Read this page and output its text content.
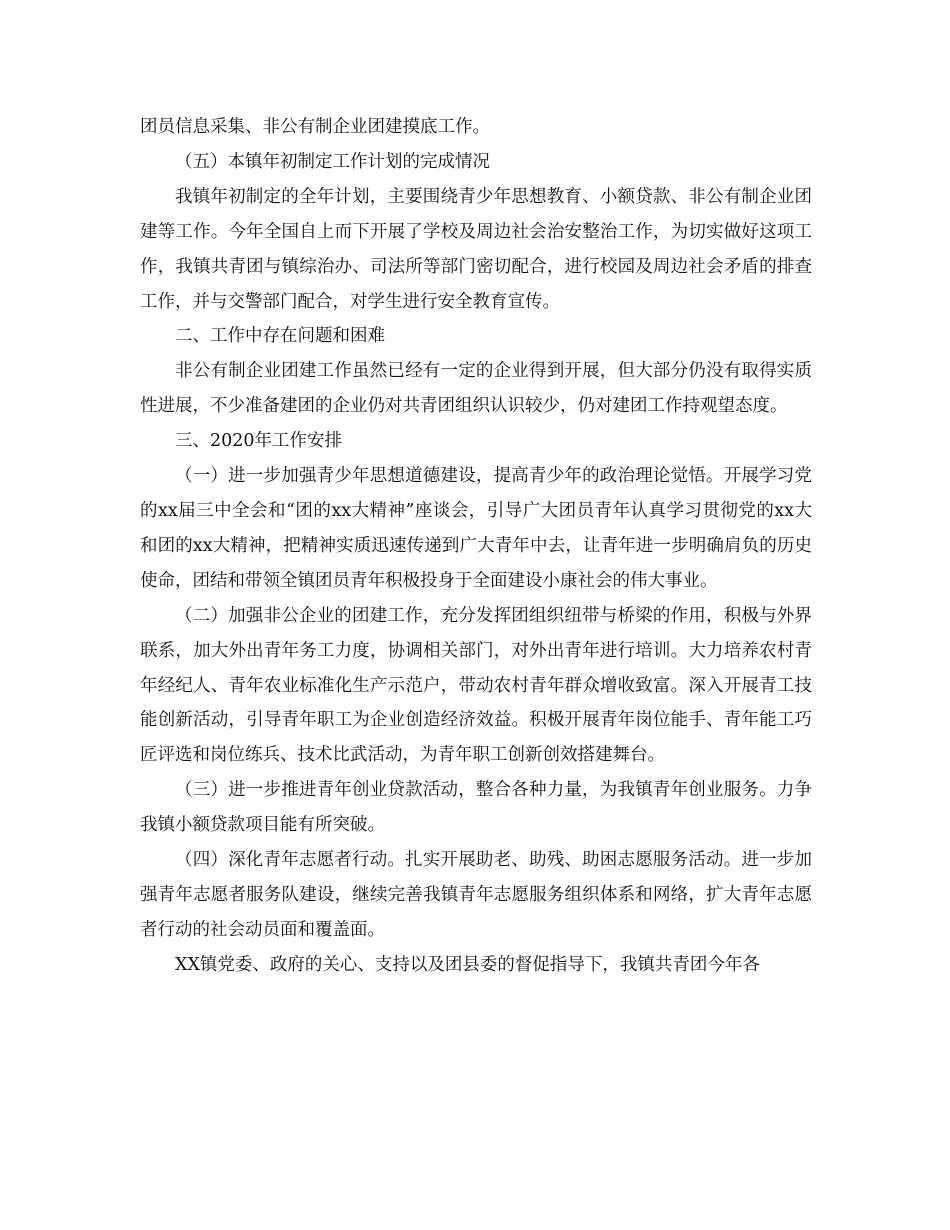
团员信息采集、非公有制企业团建摸底工作。

（五）本镇年初制定工作计划的完成情况

我镇年初制定的全年计划，主要围绕青少年思想教育、小额贷款、非公有制企业团建等工作。今年全国自上而下开展了学校及周边社会治安整治工作，为切实做好这项工作，我镇共青团与镇综治办、司法所等部门密切配合，进行校园及周边社会矛盾的排查工作，并与交警部门配合，对学生进行安全教育宣传。

二、工作中存在问题和困难

非公有制企业团建工作虽然已经有一定的企业得到开展，但大部分仍没有取得实质性进展，不少准备建团的企业仍对共青团组织认识较少，仍对建团工作持观望态度。

三、2020年工作安排

（一）进一步加强青少年思想道德建设，提高青少年的政治理论觉悟。开展学习党的xx届三中全会和“团的xx大精神”座谈会，引导广大团员青年认真学习贯彻党的xx大和团的xx大精神，把精神实质迅速传递到广大青年中去，让青年进一步明确肩负的历史使命，团结和带领全镇团员青年积极投身于全面建设小康社会的伟大事业。

（二）加强非公企业的团建工作，充分发挥团组织纽带与桥梁的作用，积极与外界联系，加大外出青年务工力度，协调相关部门，对外出青年进行培训。大力培养农村青年经纪人、青年农业标准化生产示范户，带动农村青年群众增收致富。深入开展青工技能创新活动，引导青年职工为企业创造经济效益。积极开展青年岗位能手、青年能工巧匠评选和岗位练兵、技术比武活动，为青年职工创新创效搭建舞台。

（三）进一步推进青年创业贷款活动，整合各种力量，为我镇青年创业服务。力争我镇小额贷款项目能有所突破。

（四）深化青年志愿者行动。扎实开展助老、助残、助困志愿服务活动。进一步加强青年志愿者服务队建设，继续完善我镇青年志愿服务组织体系和网络，扩大青年志愿者行动的社会动员面和覆盖面。

XX镇党委、政府的关心、支持以及团县委的督促指导下，我镇共青团今年各
